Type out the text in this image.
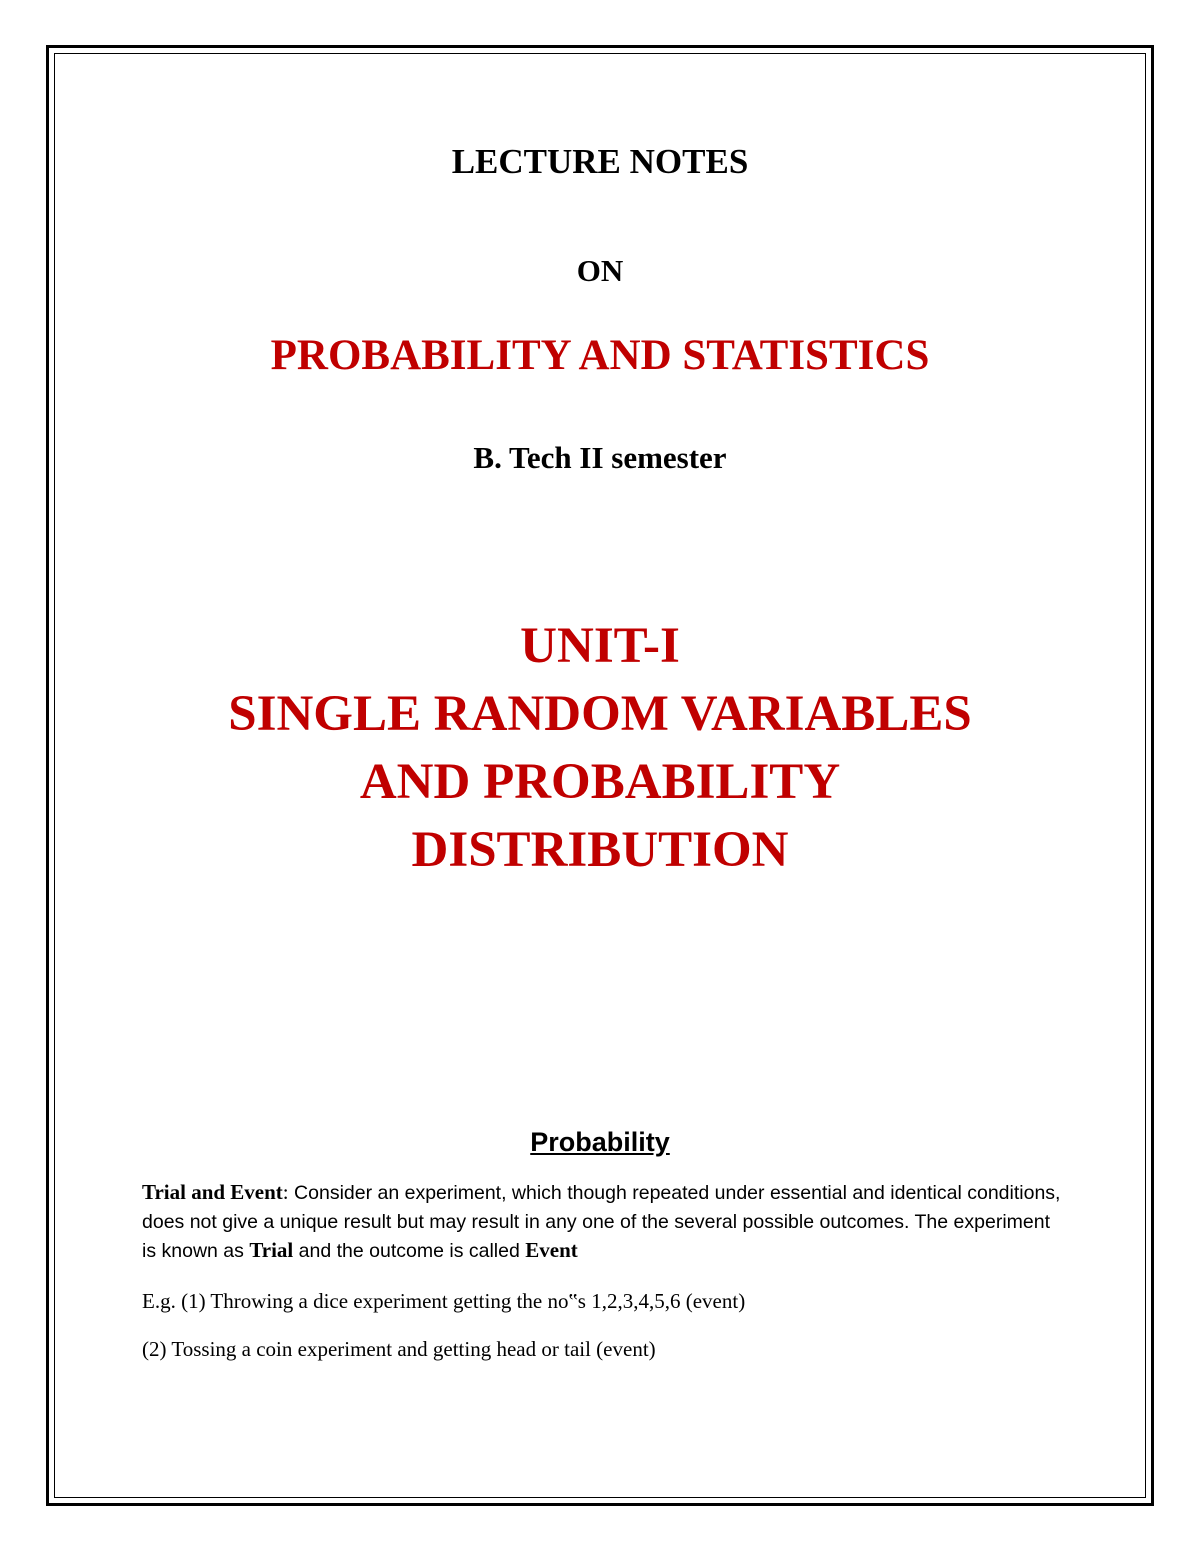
LECTURE NOTES
ON
PROBABILITY AND STATISTICS
B. Tech II semester
UNIT-I
SINGLE RANDOM VARIABLES
AND PROBABILITY
DISTRIBUTION
Probability
Trial and Event: Consider an experiment, which though repeated under essential and identical conditions, does not give a unique result but may result in any one of the several possible outcomes. The experiment is known as Trial and the outcome is called Event
E.g. (1) Throwing a dice experiment getting the no‟s 1,2,3,4,5,6 (event)
(2) Tossing a coin experiment and getting head or tail (event)
